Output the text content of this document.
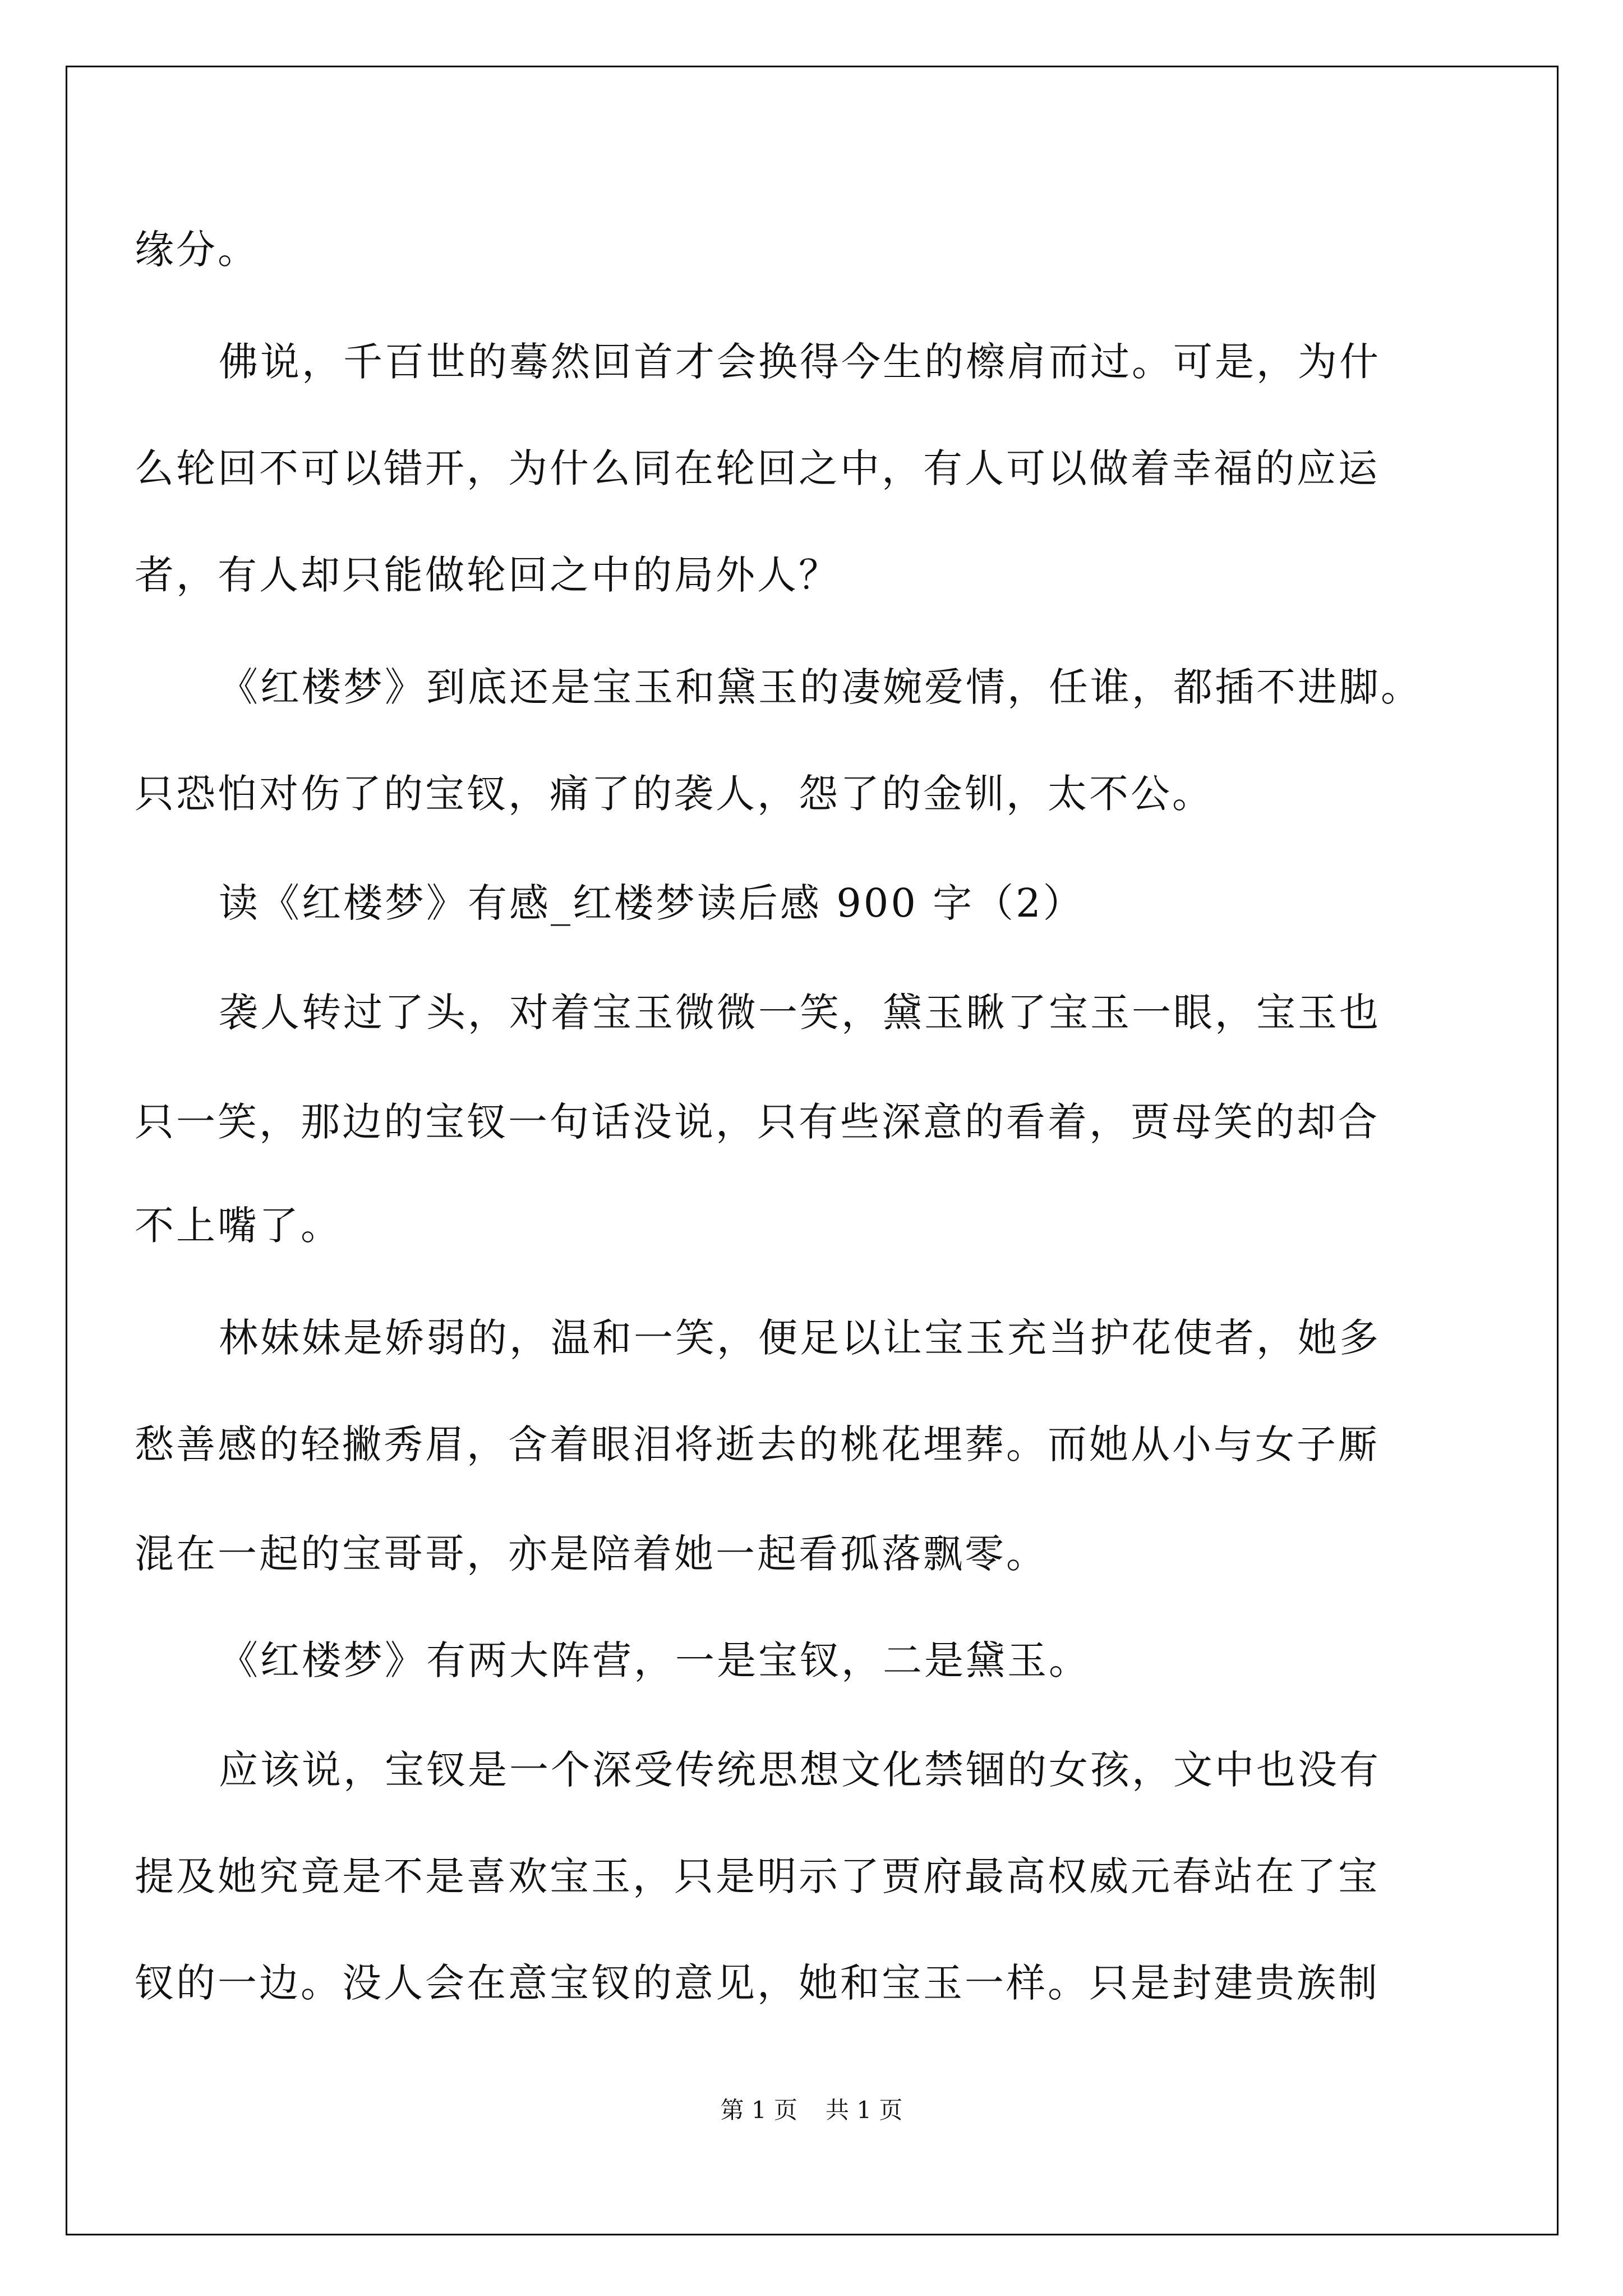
缘分。
佛说，千百世的蓦然回首才会换得今生的檫肩而过。可是，为什
么轮回不可以错开，为什么同在轮回之中，有人可以做着幸福的应运
者，有人却只能做轮回之中的局外人？
《红楼梦》到底还是宝玉和黛玉的凄婉爱情，任谁，都插不进脚。
只恐怕对伤了的宝钗，痛了的袭人，怨了的金钏，太不公。
读《红楼梦》有感_红楼梦读后感 900 字（2）
袭人转过了头，对着宝玉微微一笑，黛玉瞅了宝玉一眼，宝玉也
只一笑，那边的宝钗一句话没说，只有些深意的看着，贾母笑的却合
不上嘴了。
林妹妹是娇弱的，温和一笑，便足以让宝玉充当护花使者，她多
愁善感的轻撇秀眉，含着眼泪将逝去的桃花埋葬。而她从小与女子厮
混在一起的宝哥哥，亦是陪着她一起看孤落飘零。
《红楼梦》有两大阵营，一是宝钗，二是黛玉。
应该说，宝钗是一个深受传统思想文化禁锢的女孩，文中也没有
提及她究竟是不是喜欢宝玉，只是明示了贾府最高权威元春站在了宝
钗的一边。没人会在意宝钗的意见，她和宝玉一样。只是封建贵族制
第 1 页 共 1 页
